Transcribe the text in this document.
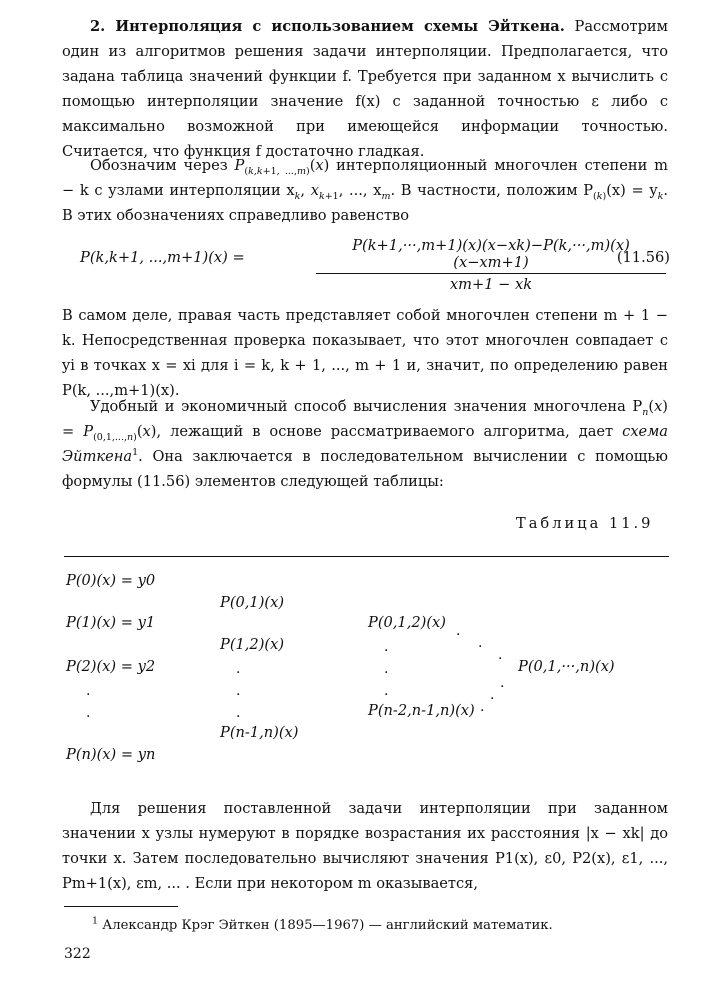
2. Интерполяция с использованием схемы Эйткена. Рассмотрим один из алгоритмов решения задачи интерполяции. Предполагается, что задана таблица значений функции f. Требуется при заданном x вычислить с помощью интерполяции значение f(x) с заданной точностью ε либо с максимально возможной при имеющейся информации точностью. Считается, что функция f достаточно гладкая.

Обозначим через $P_{(k,k+1, ...,m)}(x)$ интерполяционный многочлен степени m − k с узлами интерполяции $x_k$, $x_{k+1}$, ..., $x_m$. В частности, положим $P_{(k)}(x) = y_k$. В этих обозначениях справедливо равенство

P(k,k+1, ...,m+1)(x) =	$\frac{P(k+1,\cdot\cdot\cdot,m+1)(x)(x-xk)-P(k,\cdot\cdot\cdot,m)(x)(x-xm+1)}{xm+1 - xk}$
(11.56)

В самом деле, правая часть представляет собой многочлен степени m + 1 − k. Непосредственная проверка показывает, что этот многочлен совпадает с yi в точках x = xi для i = k, k + 1, ..., m + 1 и, значит, по определению равен P(k, ...,m+1)(x).

Удобный и экономичный способ вычисления значения многочлена $P_n(x) = P_{(0,1,...,n)}(x)$, лежащий в основе рассматриваемого алгоритма, дает схема Эйткена$^1$. Она заключается в последовательном вычислении с помощью формулы (11.56) элементов следующей таблицы:

Таблица 11.9
P(0)(x) = y0
P(1)(x) = y1
P(2)(x) = y2
P(n)(x) = yn
P(0,1)(x)
P(1,2)(x)
P(n-1,n)(x)
P(0,1,2)(x)
P(n-2,n-1,n)(x)
P(0,1,···,n)(x)
.
.
.
.
.
.
.
.
.
.
.
.
.
.

Для решения поставленной задачи интерполяции при заданном значении x узлы нумеруют в порядке возрастания их расстояния |x − xk| до точки x. Затем последовательно вычисляют значения P1(x), ε0, P2(x), ε1, ..., Pm+1(x), εm, ... . Если при некотором m оказывается,

$^1$ Александр Крэг Эйткен (1895—1967) — английский математик.
322
